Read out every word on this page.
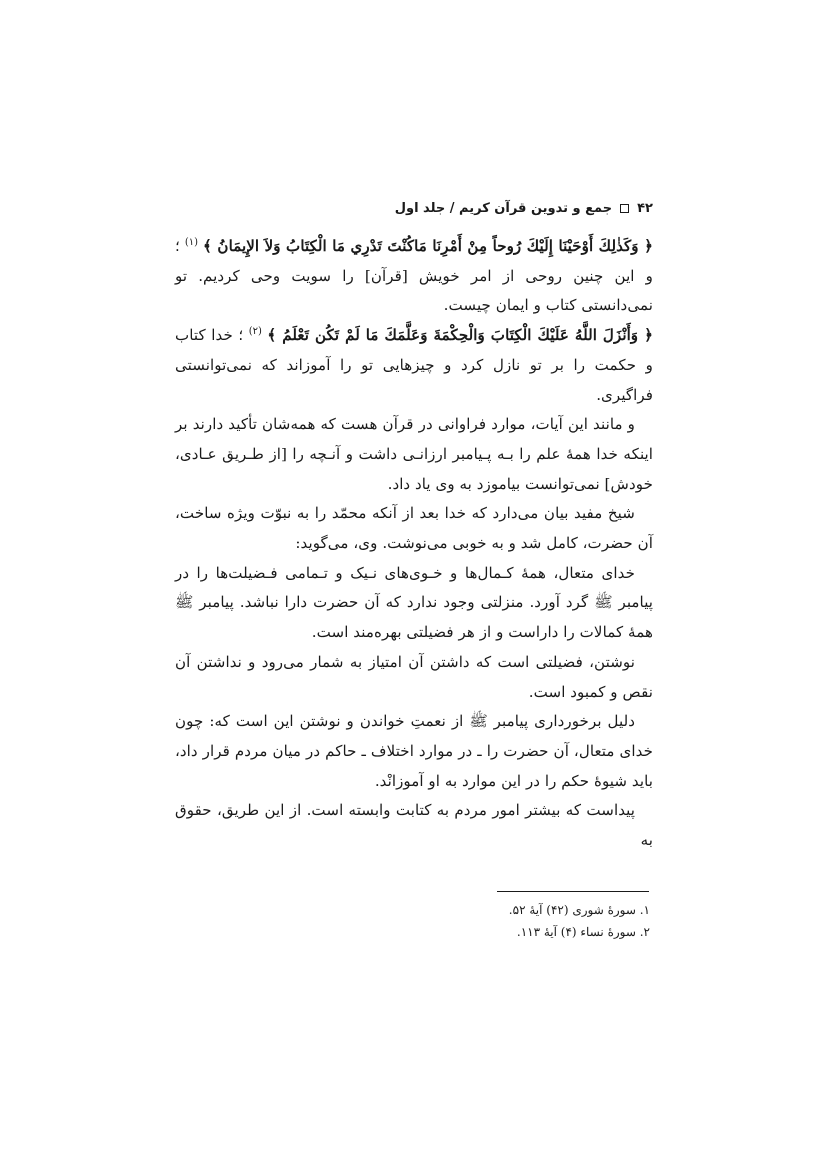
۴۲
جمع و تدوین قرآن کریم / جلد اول

﴿ وَكَذٰلِكَ أَوْحَيْنَا إِلَيْكَ رُوحاً مِنْ أَمْرِنَا مَاكُنْتَ تَدْرِي مَا الْكِتَابُ وَلاَ الإِيمَانُ ﴾ $^{(۱)}$ ؛ و این چنین روحی از امر خویش [قرآن] را سویت وحی کردیم. تو نمی‌دانستی کتاب و ایمان چیست.

﴿ وَأَنْزَلَ اللَّهُ عَلَيْكَ الْكِتَابَ وَالْحِكْمَةَ وَعَلَّمَكَ مَا لَمْ تَكُن تَعْلَمُ ﴾ $^{(۲)}$ ؛ خدا کتاب و حکمت را بر تو نازل کرد و چیزهایی تو را آموزاند که نمی‌توانستی فراگیری.

و مانند این آیات، موارد فراوانی در قرآن هست که همه‌شان تأکید دارند بر اینکه خدا همهٔ علم را بـه پـیامبر ارزانـی داشت و آنـچه را [از طـریق عـادی، خودش] نمی‌توانست بیاموزد به وی یاد داد.

شیخ مفید بیان می‌دارد که خدا بعد از آنکه محمّد را به نبوّت ویژه ساخت، آن حضرت، کامل شد و به خوبی می‌نوشت. وی، می‌گوید:

خدای متعال، همهٔ کـمال‌ها و خـوی‌های نـیک و تـمامی فـضیلت‌ها را در پیامبر ﷺ گرد آورد. منزلتی وجود ندارد که آن حضرت دارا نباشد. پیامبر ﷺ همهٔ کمالات را داراست و از هر فضیلتی بهره‌مند است.

نوشتن، فضیلتی است که داشتن آن امتیاز به شمار می‌رود و نداشتن آن نقص و کمبود است.

دلیل برخورداری پیامبر ﷺ از نعمتِ خواندن و نوشتن این است که: چون خدای متعال، آن حضرت را ـ در موارد اختلاف ـ حاکم در میان مردم قرار داد، باید شیوهٔ حکم را در این موارد به او آموزانْد.

پیداست که بیشتر امور مردم به کتابت وابسته است. از این طریق، حقوق به

۱. سورهٔ شوری (۴۲) آیهٔ ۵۲.
۲. سورهٔ نساء (۴) آیهٔ ۱۱۳.
